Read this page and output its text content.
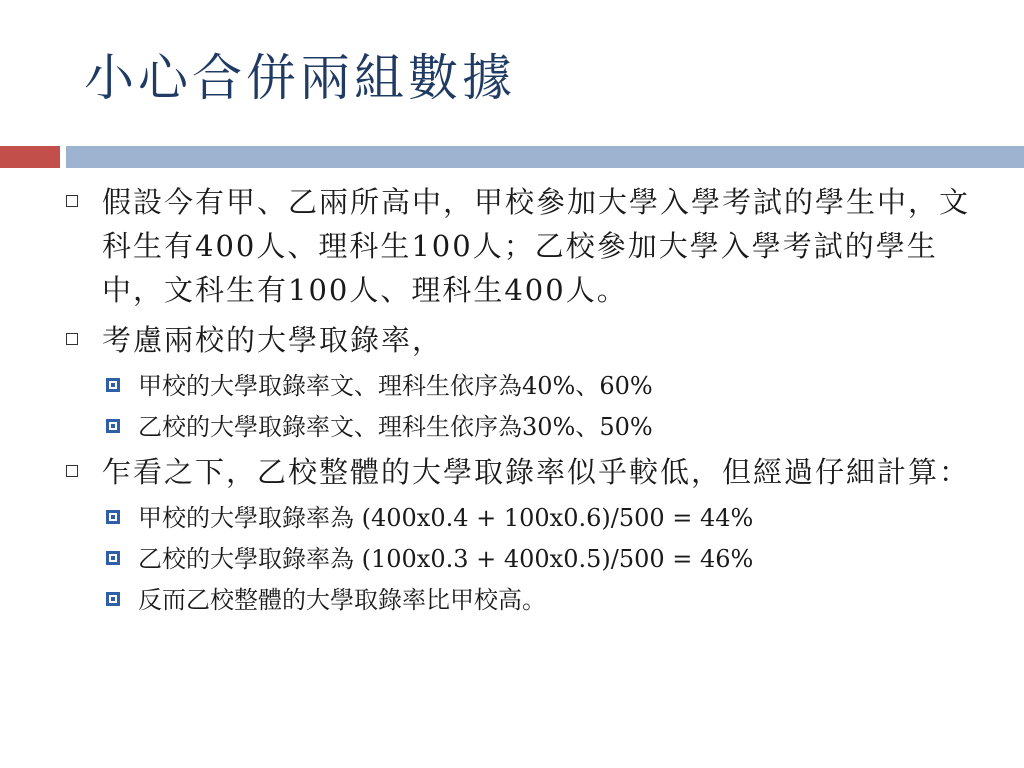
小心合併兩組數據
假設今有甲、乙兩所高中，甲校參加大學入學考試的學生中，文科生有400人、理科生100人；乙校參加大學入學考試的學生中，文科生有100人、理科生400人。
考慮兩校的大學取錄率，
甲校的大學取錄率文、理科生依序為40%、60%
乙校的大學取錄率文、理科生依序為30%、50%
乍看之下，乙校整體的大學取錄率似乎較低，但經過仔細計算：
甲校的大學取錄率為 (400x0.4 + 100x0.6)/500 = 44%
乙校的大學取錄率為 (100x0.3 + 400x0.5)/500 = 46%
反而乙校整體的大學取錄率比甲校高。
